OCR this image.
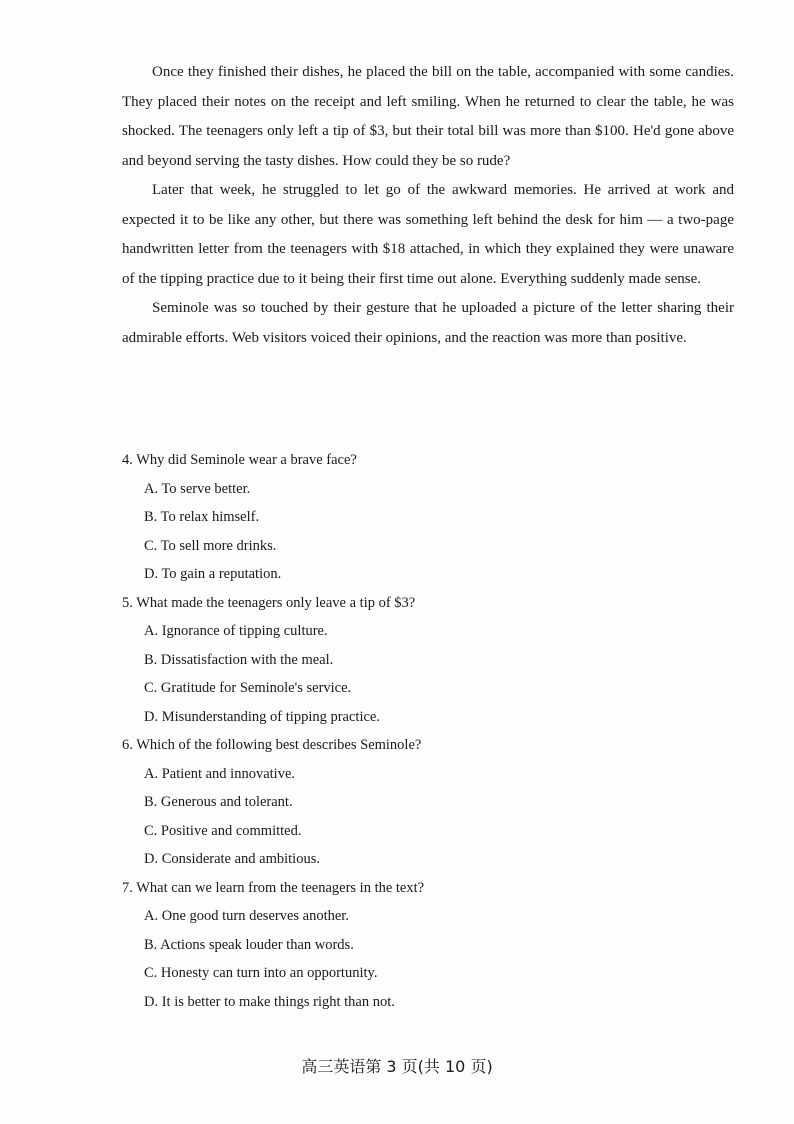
Once they finished their dishes, he placed the bill on the table, accompanied with some candies. They placed their notes on the receipt and left smiling. When he returned to clear the table, he was shocked. The teenagers only left a tip of $3, but their total bill was more than $100. He'd gone above and beyond serving the tasty dishes. How could they be so rude?

Later that week, he struggled to let go of the awkward memories. He arrived at work and expected it to be like any other, but there was something left behind the desk for him — a two-page handwritten letter from the teenagers with $18 attached, in which they explained they were unaware of the tipping practice due to it being their first time out alone. Everything suddenly made sense.

Seminole was so touched by their gesture that he uploaded a picture of the letter sharing their admirable efforts. Web visitors voiced their opinions, and the reaction was more than positive.

4. Why did Seminole wear a brave face?
A. To serve better.
B. To relax himself.
C. To sell more drinks.
D. To gain a reputation.
5. What made the teenagers only leave a tip of $3?
A. Ignorance of tipping culture.
B. Dissatisfaction with the meal.
C. Gratitude for Seminole's service.
D. Misunderstanding of tipping practice.
6. Which of the following best describes Seminole?
A. Patient and innovative.
B. Generous and tolerant.
C. Positive and committed.
D. Considerate and ambitious.
7. What can we learn from the teenagers in the text?
A. One good turn deserves another.
B. Actions speak louder than words.
C. Honesty can turn into an opportunity.
D. It is better to make things right than not.
高三英语第 3 页(共 10 页)
